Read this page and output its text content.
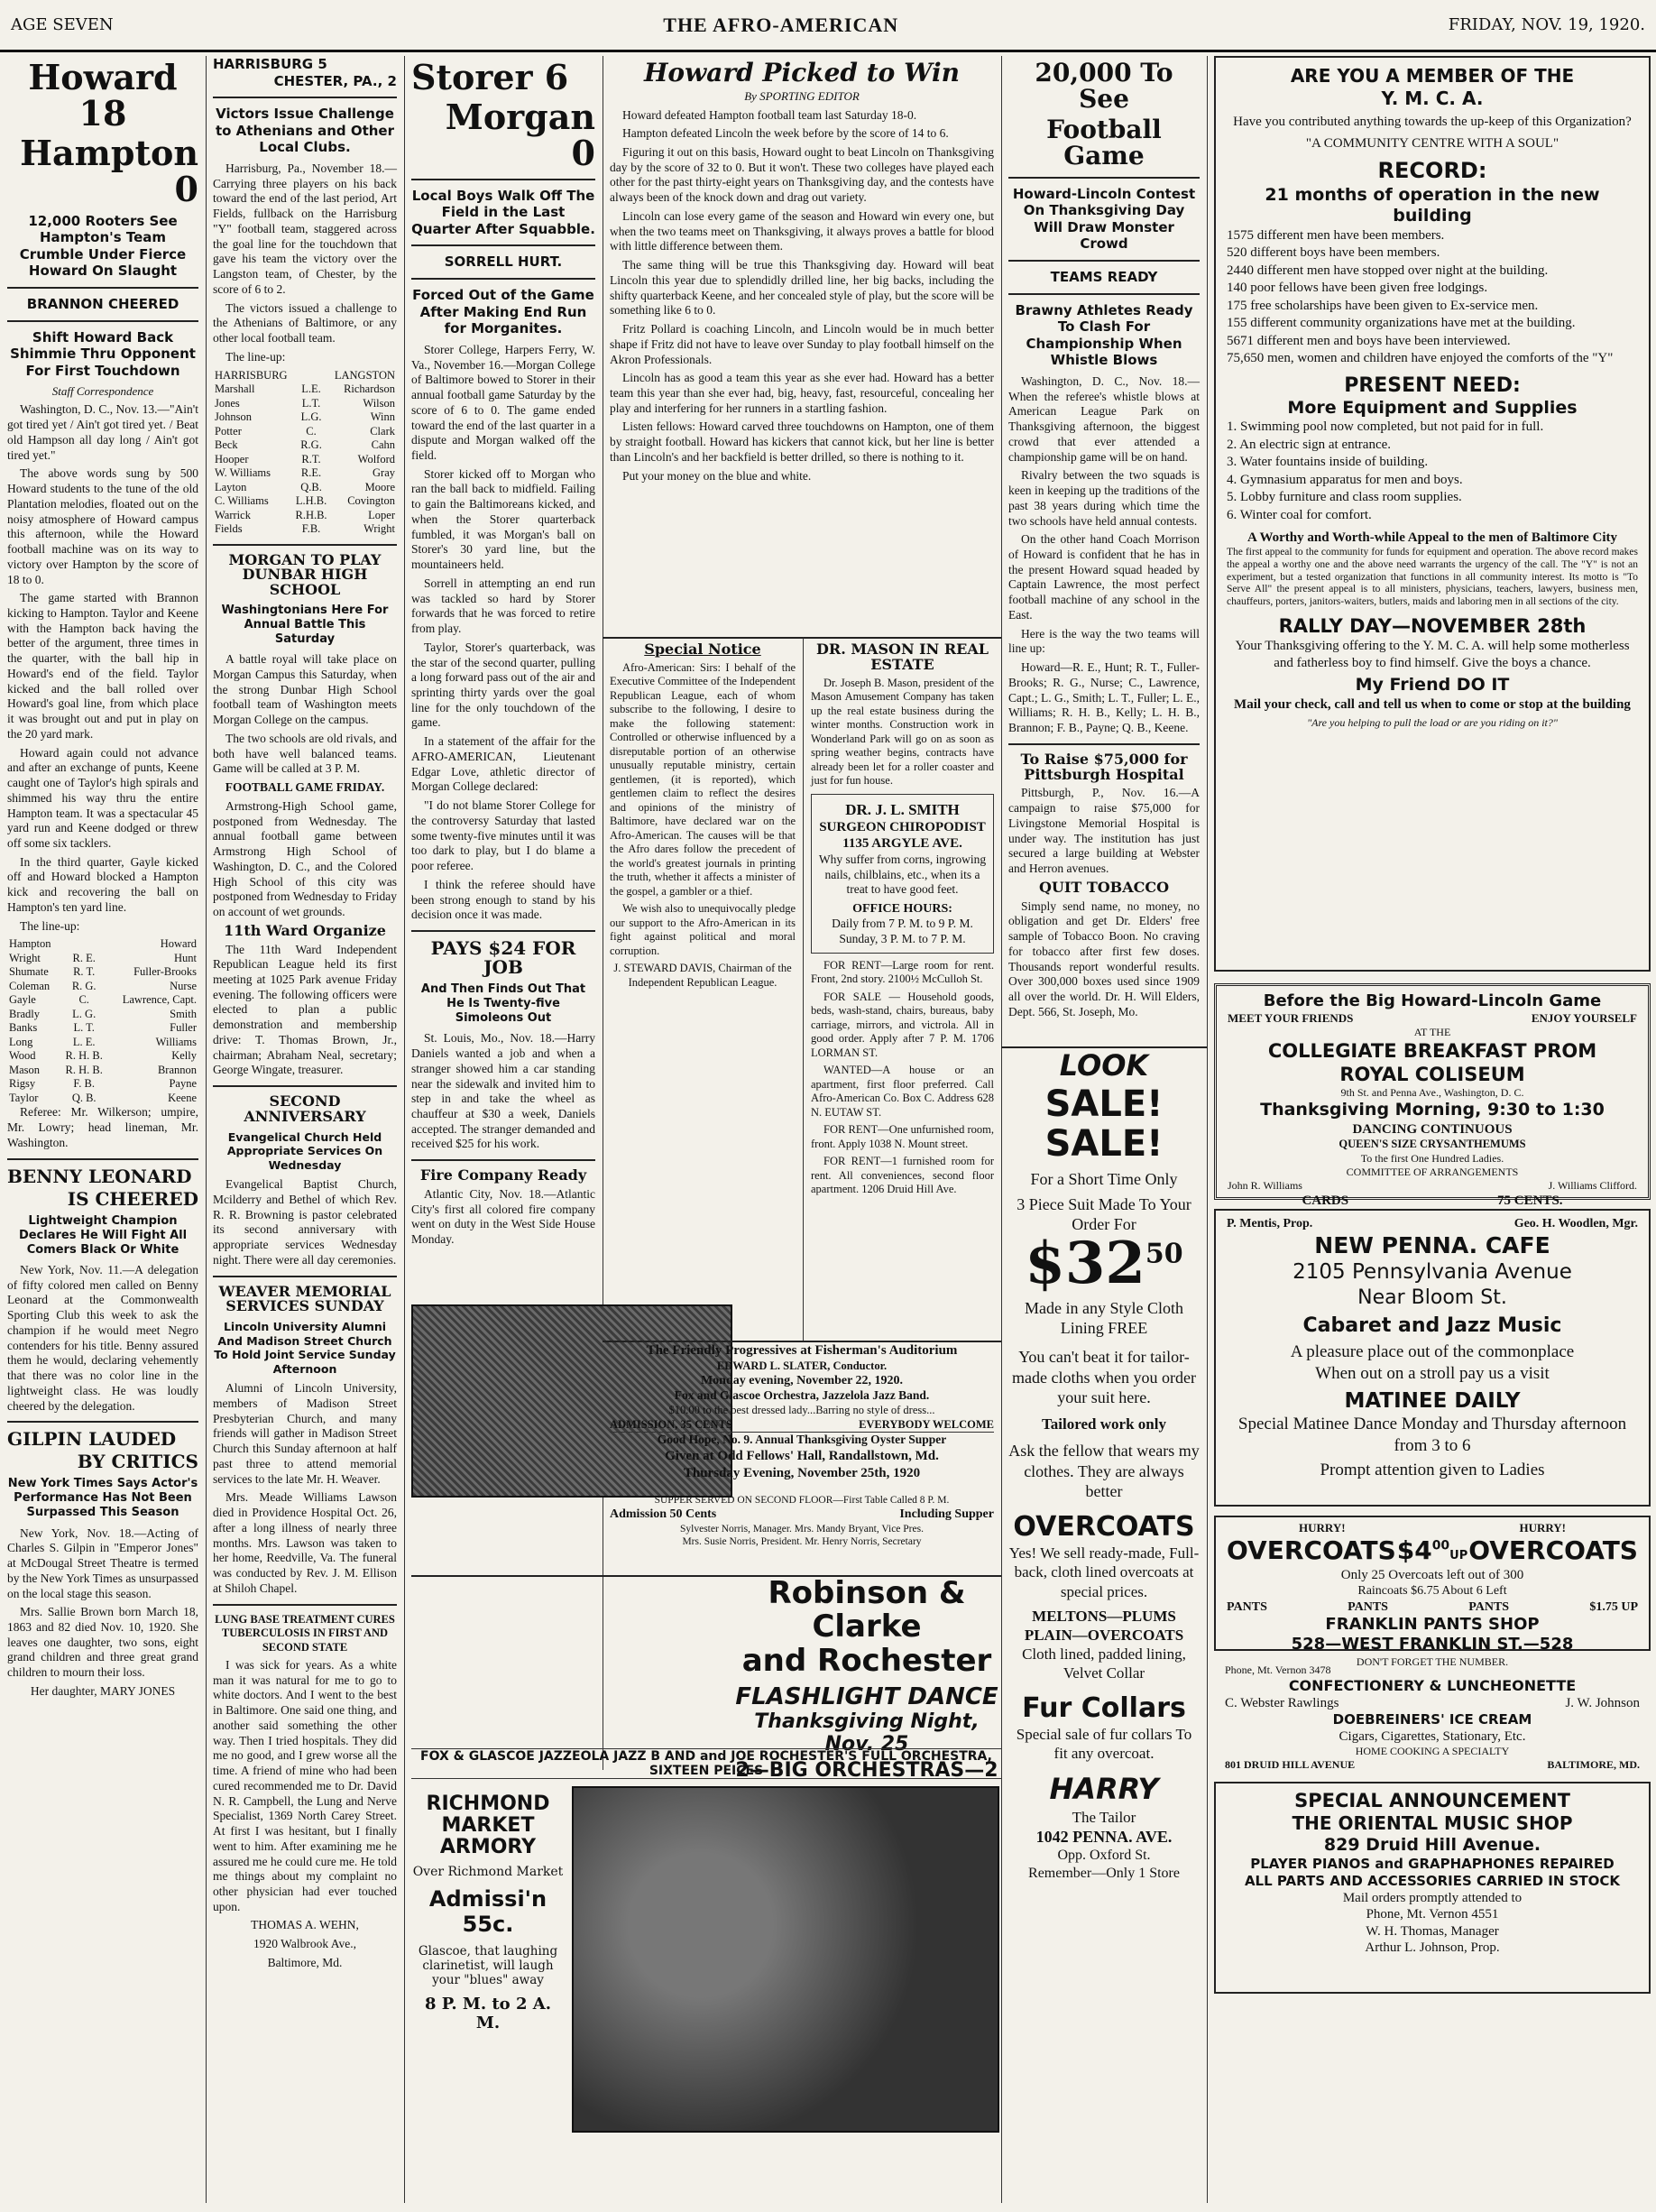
AGE SEVEN	THE AFRO-AMERICAN	FRIDAY, NOV. 19, 1920.
Howard 18
Hampton 0
12,000 Rooters See Hampton's Team Crumble Under Fierce Howard On Slaught
BRANNON CHEERED
Shift Howard Back Shimmie Thru Opponent For First Touchdown
Staff Correspondence

Washington, D. C., Nov. 13.—"Ain't got tired yet / Ain't got tired yet. / Beat old Hampson all day long / Ain't got tired yet."

The above words sung by 500 Howard students to the tune of the old Plantation melodies, floated out on the noisy atmosphere of Howard campus this afternoon, while the Howard football machine was on its way to victory over Hampton by the score of 18 to 0.

The game started with Brannon kicking to Hampton. Taylor and Keene with the Hampton back having the better of the argument, three times in the quarter, with the ball hip in Howard's end of the field. Taylor kicked and the ball rolled over Howard's goal line, from which place it was brought out and put in play on the 20 yard mark.

Howard again could not advance and after an exchange of punts, Keene caught one of Taylor's high spirals and shimmed his way thru the entire Hampton team. It was a spectacular 45 yard run and Keene dodged or threw off some six tacklers.

In the third quarter, Gayle kicked off and Howard blocked a Hampton kick and recovering the ball on Hampton's ten yard line.

The line-up:

Hampton		Howard
Wright	R. E.	Hunt
Shumate	R. T.	Fuller-Brooks
Coleman	R. G.	Nurse
Gayle	C.	Lawrence, Capt.
Bradly	L. G.	Smith
Banks	L. T.	Fuller
Long	L. E.	Williams
Wood	R. H. B.	Kelly
Mason	R. H. B.	Brannon
Rigsy	F. B.	Payne
Taylor	Q. B.	Keene

Referee: Mr. Wilkerson; umpire, Mr. Lowry; head lineman, Mr. Washington.

BENNY LEONARD
IS CHEERED
Lightweight Champion Declares He Will Fight All Comers Black Or White

New York, Nov. 11.—A delegation of fifty colored men called on Benny Leonard at the Commonwealth Sporting Club this week to ask the champion if he would meet Negro contenders for his title. Benny assured them he would, declaring vehemently that there was no color line in the lightweight class. He was loudly cheered by the delegation.

GILPIN LAUDED
BY CRITICS
New York Times Says Actor's Performance Has Not Been Surpassed This Season

New York, Nov. 18.—Acting of Charles S. Gilpin in "Emperor Jones" at McDougal Street Theatre is termed by the New York Times as unsurpassed on the local stage this season.

Mrs. Sallie Brown born March 18, 1863 and 82 died Nov. 10, 1920. She leaves one daughter, two sons, eight grand children and three great grand children to mourn their loss.

Her daughter, MARY JONES

HARRISBURG 5
CHESTER, PA., 2
Victors Issue Challenge to Athenians and Other Local Clubs.

Harrisburg, Pa., November 18.—Carrying three players on his back toward the end of the last period, Art Fields, fullback on the Harrisburg "Y" football team, staggered across the goal line for the touchdown that gave his team the victory over the Langston team, of Chester, by the score of 6 to 2.

The victors issued a challenge to the Athenians of Baltimore, or any other local football team.

The line-up:

HARRISBURG		LANGSTON
Marshall	L.E.	Richardson
Jones	L.T.	Wilson
Johnson	L.G.	Winn
Potter	C.	Clark
Beck	R.G.	Cahn
Hooper	R.T.	Wolford
W. Williams	R.E.	Gray
Layton	Q.B.	Moore
C. Williams	L.H.B.	Covington
Warrick	R.H.B.	Loper
Fields	F.B.	Wright
MORGAN TO PLAY DUNBAR HIGH SCHOOL
Washingtonians Here For Annual Battle This Saturday

A battle royal will take place on Morgan Campus this Saturday, when the strong Dunbar High School football team of Washington meets Morgan College on the campus.

The two schools are old rivals, and both have well balanced teams. Game will be called at 3 P. M.

FOOTBALL GAME FRIDAY.

Armstrong-High School game, postponed from Wednesday. The annual football game between Armstrong High School of Washington, D. C., and the Colored High School of this city was postponed from Wednesday to Friday on account of wet grounds.

11th Ward Organize

The 11th Ward Independent Republican League held its first meeting at 1025 Park avenue Friday evening. The following officers were elected to plan a public demonstration and membership drive: T. Thomas Brown, Jr., chairman; Abraham Neal, secretary; George Wingate, treasurer.

SECOND ANNIVERSARY
Evangelical Church Held Appropriate Services On Wednesday

Evangelical Baptist Church, Mcilderry and Bethel of which Rev. R. R. Browning is pastor celebrated its second anniversary with appropriate services Wednesday night. There were all day ceremonies.

WEAVER MEMORIAL SERVICES SUNDAY
Lincoln University Alumni And Madison Street Church To Hold Joint Service Sunday Afternoon

Alumni of Lincoln University, members of Madison Street Presbyterian Church, and many friends will gather in Madison Street Church this Sunday afternoon at half past three to attend memorial services to the late Mr. H. Weaver.

Mrs. Meade Williams Lawson died in Providence Hospital Oct. 26, after a long illness of nearly three months. Mrs. Lawson was taken to her home, Reedville, Va. The funeral was conducted by Rev. J. M. Ellison at Shiloh Chapel.

LUNG BASE TREATMENT CURES TUBERCULOSIS IN FIRST AND SECOND STATE

I was sick for years. As a white man it was natural for me to go to white doctors. And I went to the best in Baltimore. One said one thing, and another said something the other way. Then I tried hospitals. They did me no good, and I grew worse all the time. A friend of mine who had been cured recommended me to Dr. David N. R. Campbell, the Lung and Nerve Specialist, 1369 North Carey Street. At first I was hesitant, but I finally went to him. After examining me he assured me he could cure me. He told me things about my complaint no other physician had ever touched upon.

THOMAS A. WEHN,

1920 Walbrook Ave.,

Baltimore, Md.

Storer 6
Morgan 0
Local Boys Walk Off The Field in the Last Quarter After Squabble.
SORRELL HURT.
Forced Out of the Game After Making End Run for Morganites.

Storer College, Harpers Ferry, W. Va., November 16.—Morgan College of Baltimore bowed to Storer in their annual football game Saturday by the score of 6 to 0. The game ended toward the end of the last quarter in a dispute and Morgan walked off the field.

Storer kicked off to Morgan who ran the ball back to midfield. Failing to gain the Baltimoreans kicked, and when the Storer quarterback fumbled, it was Morgan's ball on Storer's 30 yard line, but the mountaineers held.

Sorrell in attempting an end run was tackled so hard by Storer forwards that he was forced to retire from play.

Taylor, Storer's quarterback, was the star of the second quarter, pulling a long forward pass out of the air and sprinting thirty yards over the goal line for the only touchdown of the game.

In a statement of the affair for the AFRO-AMERICAN, Lieutenant Edgar Love, athletic director of Morgan College declared:

"I do not blame Storer College for the controversy Saturday that lasted some twenty-five minutes until it was too dark to play, but I do blame a poor referee.

I think the referee should have been strong enough to stand by his decision once it was made.

PAYS $24 FOR JOB
And Then Finds Out That He Is Twenty-five Simoleons Out

St. Louis, Mo., Nov. 18.—Harry Daniels wanted a job and when a stranger showed him a car standing near the sidewalk and invited him to step in and take the wheel as chauffeur at $30 a week, Daniels accepted. The stranger demanded and received $25 for his work.

Fire Company Ready

Atlantic City, Nov. 18.—Atlantic City's first all colored fire company went on duty in the West Side House Monday.

Howard Picked to Win
By SPORTING EDITOR

Howard defeated Hampton football team last Saturday 18-0.

Hampton defeated Lincoln the week before by the score of 14 to 6.

Figuring it out on this basis, Howard ought to beat Lincoln on Thanksgiving day by the score of 32 to 0. But it won't. These two colleges have played each other for the past thirty-eight years on Thanksgiving day, and the contests have always been of the knock down and drag out variety.

Lincoln can lose every game of the season and Howard win every one, but when the two teams meet on Thanksgiving, it always proves a battle for blood with little difference between them.

The same thing will be true this Thanksgiving day. Howard will beat Lincoln this year due to splendidly drilled line, her big backs, including the shifty quarterback Keene, and her concealed style of play, but the score will be something like 6 to 0.

Fritz Pollard is coaching Lincoln, and Lincoln would be in much better shape if Fritz did not have to leave over Sunday to play football himself on the Akron Professionals.

Lincoln has as good a team this year as she ever had. Howard has a better team this year than she ever had, big, heavy, fast, resourceful, concealing her play and interfering for her runners in a startling fashion.

Listen fellows: Howard carved three touchdowns on Hampton, one of them by straight football. Howard has kickers that cannot kick, but her line is better than Lincoln's and her backfield is better drilled, so there is nothing to it.

Put your money on the blue and white.

Special Notice

Afro-American: Sirs: I behalf of the Executive Committee of the Independent Republican League, each of whom subscribe to the following, I desire to make the following statement: Controlled or otherwise influenced by a disreputable portion of an otherwise unusually reputable ministry, certain gentlemen, (it is reported), which gentlemen claim to reflect the desires and opinions of the ministry of Baltimore, have declared war on the Afro-American. The causes will be that the Afro dares follow the precedent of the world's greatest journals in printing the truth, whether it affects a minister of the gospel, a gambler or a thief.

We wish also to unequivocally pledge our support to the Afro-American in its fight against political and moral corruption.

J. STEWARD DAVIS, Chairman of the Independent Republican League.

DR. MASON IN REAL ESTATE

Dr. Joseph B. Mason, president of the Mason Amusement Company has taken up the real estate business during the winter months. Construction work in Wonderland Park will go on as soon as spring weather begins, contracts have already been let for a roller coaster and just for fun house.

DR. J. L. SMITH
SURGEON CHIROPODIST
1135 ARGYLE AVE.
Why suffer from corns, ingrowing nails, chilblains, etc., when its a treat to have good feet.
OFFICE HOURS:
Daily from 7 P. M. to 9 P. M.
Sunday, 3 P. M. to 7 P. M.

FOR RENT—Large room for rent. Front, 2nd story. 2100½ McCulloh St.

FOR SALE — Household goods, beds, wash-stand, chairs, bureaus, baby carriage, mirrors, and victrola. All in good order. Apply after 7 P. M. 1706 LORMAN ST.

WANTED—A house or an apartment, first floor preferred. Call Afro-American Co. Box C. Address 628 N. EUTAW ST.

FOR RENT—One unfurnished room, front. Apply 1038 N. Mount street.

FOR RENT—1 furnished room for rent. All conveniences, second floor apartment. 1206 Druid Hill Ave.

The Friendly Progressives at Fisherman's Auditorium
EDWARD L. SLATER, Conductor.
Monday evening, November 22, 1920.
Fox and Glascoe Orchestra, Jazzelola Jazz Band.
$10.00 to the best dressed lady...Barring no style of dress...
ADMISSION, 35 CENTS	EVERYBODY WELCOME
Good Hope, No. 9. Annual Thanksgiving Oyster Supper
Given at Odd Fellows' Hall, Randallstown, Md.
Thursday Evening, November 25th, 1920
SUPPER SERVED ON SECOND FLOOR—First Table Called 8 P. M.
Admission 50 Cents	Including Supper
Sylvester Norris, Manager. Mrs. Mandy Bryant, Vice Pres.
Mrs. Susie Norris, President. Mr. Henry Norris, Secretary
Robinson & Clarke
and Rochester
FLASHLIGHT DANCE
Thanksgiving Night, Nov. 25
2—BIG ORCHESTRAS—2
FOX & GLASCOE JAZZEOLA JAZZ B AND and JOE ROCHESTER'S FULL ORCHESTRA, SIXTEEN PEICES
RICHMOND MARKET ARMORY
Over Richmond Market
Admissi'n 55c.
Glascoe, that laughing clarinetist, will laugh your "blues" away
8 P. M. to 2 A. M.
20,000 To See
Football Game
Howard-Lincoln Contest On Thanksgiving Day Will Draw Monster Crowd
TEAMS READY
Brawny Athletes Ready To Clash For Championship When Whistle Blows

Washington, D. C., Nov. 18.—When the referee's whistle blows at American League Park on Thanksgiving afternoon, the biggest crowd that ever attended a championship game will be on hand.

Rivalry between the two squads is keen in keeping up the traditions of the past 38 years during which time the two schools have held annual contests.

On the other hand Coach Morrison of Howard is confident that he has in the present Howard squad headed by Captain Lawrence, the most perfect football machine of any school in the East.

Here is the way the two teams will line up:

Howard—R. E., Hunt; R. T., Fuller-Brooks; R. G., Nurse; C., Lawrence, Capt.; L. G., Smith; L. T., Fuller; L. E., Williams; R. H. B., Kelly; L. H. B., Brannon; F. B., Payne; Q. B., Keene.

To Raise $75,000 for Pittsburgh Hospital

Pittsburgh, P., Nov. 16.—A campaign to raise $75,000 for Livingstone Memorial Hospital is under way. The institution has just secured a large building at Webster and Herron avenues.

QUIT TOBACCO

Simply send name, no money, no obligation and get Dr. Elders' free sample of Tobacco Boon. No craving for tobacco after first few doses. Thousands report wonderful results. Over 300,000 boxes used since 1909 all over the world. Dr. H. Will Elders, Dept. 566, St. Joseph, Mo.

LOOK
SALE! SALE!
For a Short Time Only
3 Piece Suit Made To Your Order For
$\$32^{50}$
Made in any Style Cloth Lining FREE
You can't beat it for tailor-made cloths when you order your suit here.
Tailored work only
Ask the fellow that wears my clothes. They are always better
OVERCOATS
Yes! We sell ready-made, Full-back, cloth lined overcoats at special prices.
MELTONS—PLUMS PLAIN—OVERCOATS
Cloth lined, padded lining, Velvet Collar
Fur Collars
Special sale of fur collars To fit any overcoat.
HARRY
The Tailor
1042 PENNA. AVE.
Opp. Oxford St.
Remember—Only 1 Store
ARE YOU A MEMBER OF THE
Y. M. C. A.
Have you contributed anything towards the up-keep of this Organization?
"A COMMUNITY CENTRE WITH A SOUL"
RECORD:
21 months of operation in the new building
1575 different men have been members.
520 different boys have been members.
2440 different men have stopped over night at the building.
140 poor fellows have been given free lodgings.
175 free scholarships have been given to Ex-service men.
155 different community organizations have met at the building.
5671 different men and boys have been interviewed.
75,650 men, women and children have enjoyed the comforts of the "Y"
PRESENT NEED:
More Equipment and Supplies
1. Swimming pool now completed, but not paid for in full.
2. An electric sign at entrance.
3. Water fountains inside of building.
4. Gymnasium apparatus for men and boys.
5. Lobby furniture and class room supplies.
6. Winter coal for comfort.
A Worthy and Worth-while Appeal to the men of Baltimore City
The first appeal to the community for funds for equipment and operation. The above record makes the appeal a worthy one and the above need warrants the urgency of the call. The "Y" is not an experiment, but a tested organization that functions in all community interest. Its motto is "To Serve All" the present appeal is to all ministers, physicians, teachers, lawyers, business men, chauffeurs, porters, janitors-waiters, butlers, maids and laboring men in all sections of the city.
RALLY DAY—NOVEMBER 28th
Your Thanksgiving offering to the Y. M. C. A. will help some motherless and fatherless boy to find himself. Give the boys a chance.
My Friend DO IT
Mail your check, call and tell us when to come or stop at the building
"Are you helping to pull the load or are you riding on it?"
Before the Big Howard-Lincoln Game
MEET YOUR FRIENDS	ENJOY YOURSELF
AT THE
COLLEGIATE BREAKFAST PROM
ROYAL COLISEUM
9th St. and Penna Ave., Washington, D. C.
Thanksgiving Morning, 9:30 to 1:30
DANCING CONTINUOUS
QUEEN'S SIZE CRYSANTHEMUMS
To the first One Hundred Ladies.
COMMITTEE OF ARRANGEMENTS
John R. Williams	J. Williams Clifford.
CARDS	75 CENTS.
P. Mentis, Prop.	Geo. H. Woodlen, Mgr.
NEW PENNA. CAFE
2105 Pennsylvania Avenue
Near Bloom St.
Cabaret and Jazz Music
A pleasure place out of the commonplace
When out on a stroll pay us a visit
MATINEE DAILY
Special Matinee Dance Monday and Thursday afternoon from 3 to 6
Prompt attention given to Ladies
HURRY!	HURRY!
OVERCOATS $\$4^{00}UP$ OVERCOATS
Only 25 Overcoats left out of 300
Raincoats $6.75 About 6 Left
PANTS	PANTS	PANTS	$1.75 UP
FRANKLIN PANTS SHOP
528—WEST FRANKLIN ST.—528
DON'T FORGET THE NUMBER.
Phone, Mt. Vernon 3478
CONFECTIONERY & LUNCHEONETTE
C. Webster Rawlings	J. W. Johnson
DOEBREINERS' ICE CREAM
Cigars, Cigarettes, Stationary, Etc.
HOME COOKING A SPECIALTY
801 DRUID HILL AVENUE	BALTIMORE, MD.
SPECIAL ANNOUNCEMENT
THE ORIENTAL MUSIC SHOP
829 Druid Hill Avenue.
PLAYER PIANOS and GRAPHAPHONES REPAIRED
ALL PARTS AND ACCESSORIES CARRIED IN STOCK
Mail orders promptly attended to
Phone, Mt. Vernon 4551
W. H. Thomas, Manager
Arthur L. Johnson, Prop.
